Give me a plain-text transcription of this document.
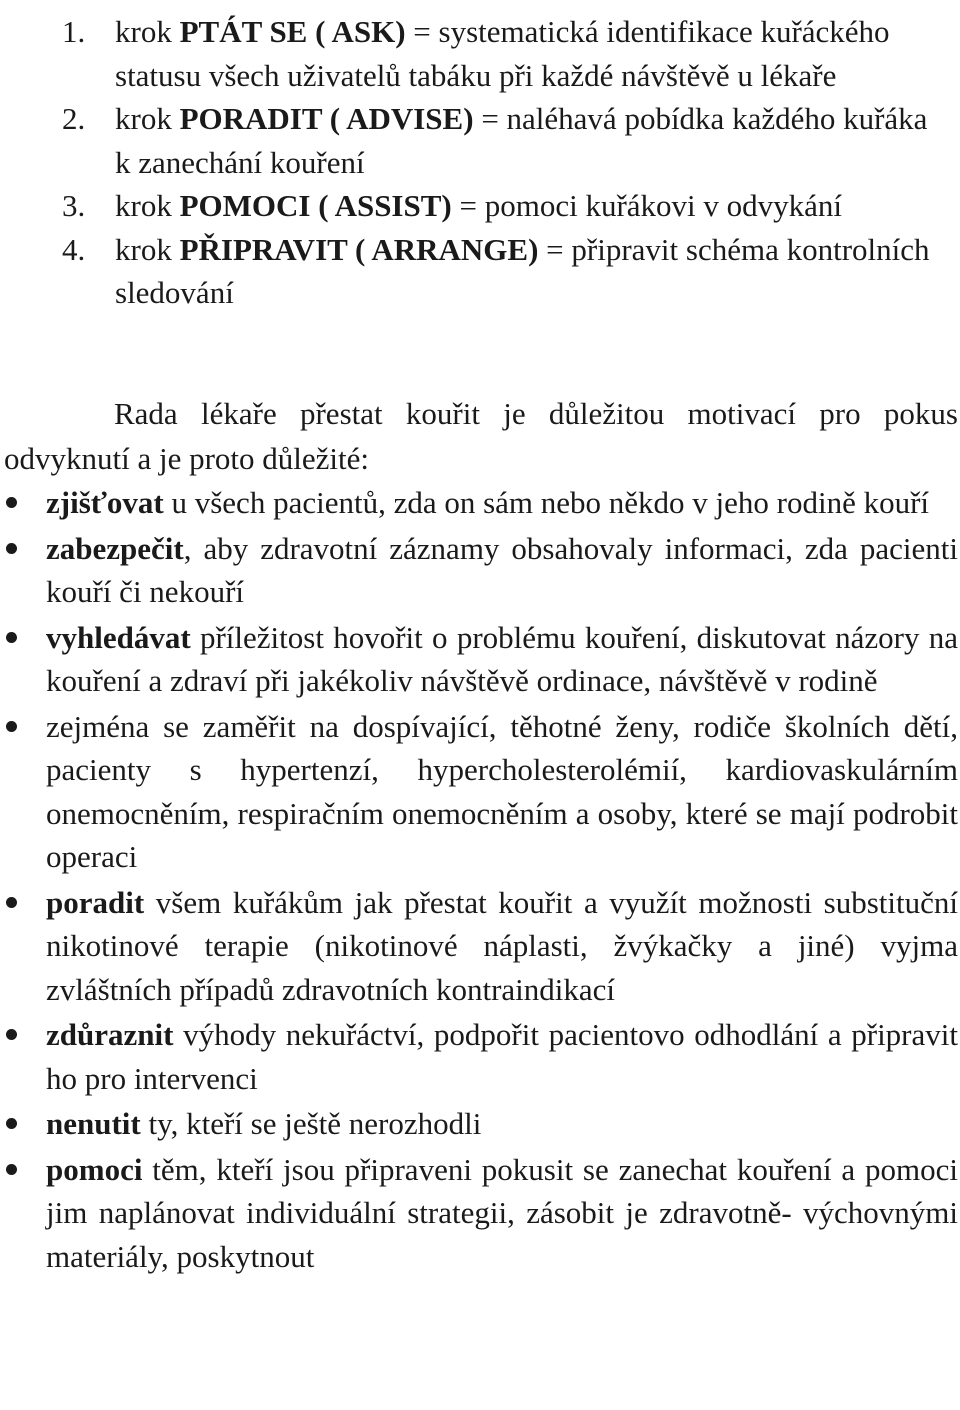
1. krok PTÁT SE ( ASK) = systematická identifikace kuřáckého statusu všech uživatelů tabáku při každé návštěvě u lékaře
2. krok PORADIT ( ADVISE) = naléhavá pobídka každého kuřáka k zanechání kouření
3. krok POMOCI ( ASSIST) = pomoci kuřákovi v odvykání
4. krok PŘIPRAVIT ( ARRANGE) = připravit schéma kontrolních sledování

Rada lékaře přestat kouřit je důležitou motivací pro pokus odvyknutí a je proto důležité:

zjišťovat u všech pacientů, zda on sám nebo někdo v jeho rodině kouří
zabezpečit, aby zdravotní záznamy obsahovaly informaci, zda pacienti kouří či nekouří
vyhledávat příležitost hovořit o problému kouření, diskutovat názory na kouření a zdraví při jakékoliv návštěvě ordinace, návštěvě v rodině
zejména se zaměřit na dospívající, těhotné ženy, rodiče školních dětí, pacienty s hypertenzí, hypercholesterolémií, kardiovaskulárním onemocněním, respiračním onemocněním a osoby, které se mají podrobit operaci
poradit všem kuřákům jak přestat kouřit a využít možnosti substituční nikotinové terapie (nikotinové náplasti, žvýkačky a jiné) vyjma zvláštních případů zdravotních kontraindikací
zdůraznit výhody nekuřáctví, podpořit pacientovo odhodlání a připravit ho pro intervenci
nenutit ty, kteří se ještě nerozhodli
pomoci těm, kteří jsou připraveni pokusit se zanechat kouření a pomoci jim naplánovat individuální strategii, zásobit je zdravotně- výchovnými materiály, poskytnout
